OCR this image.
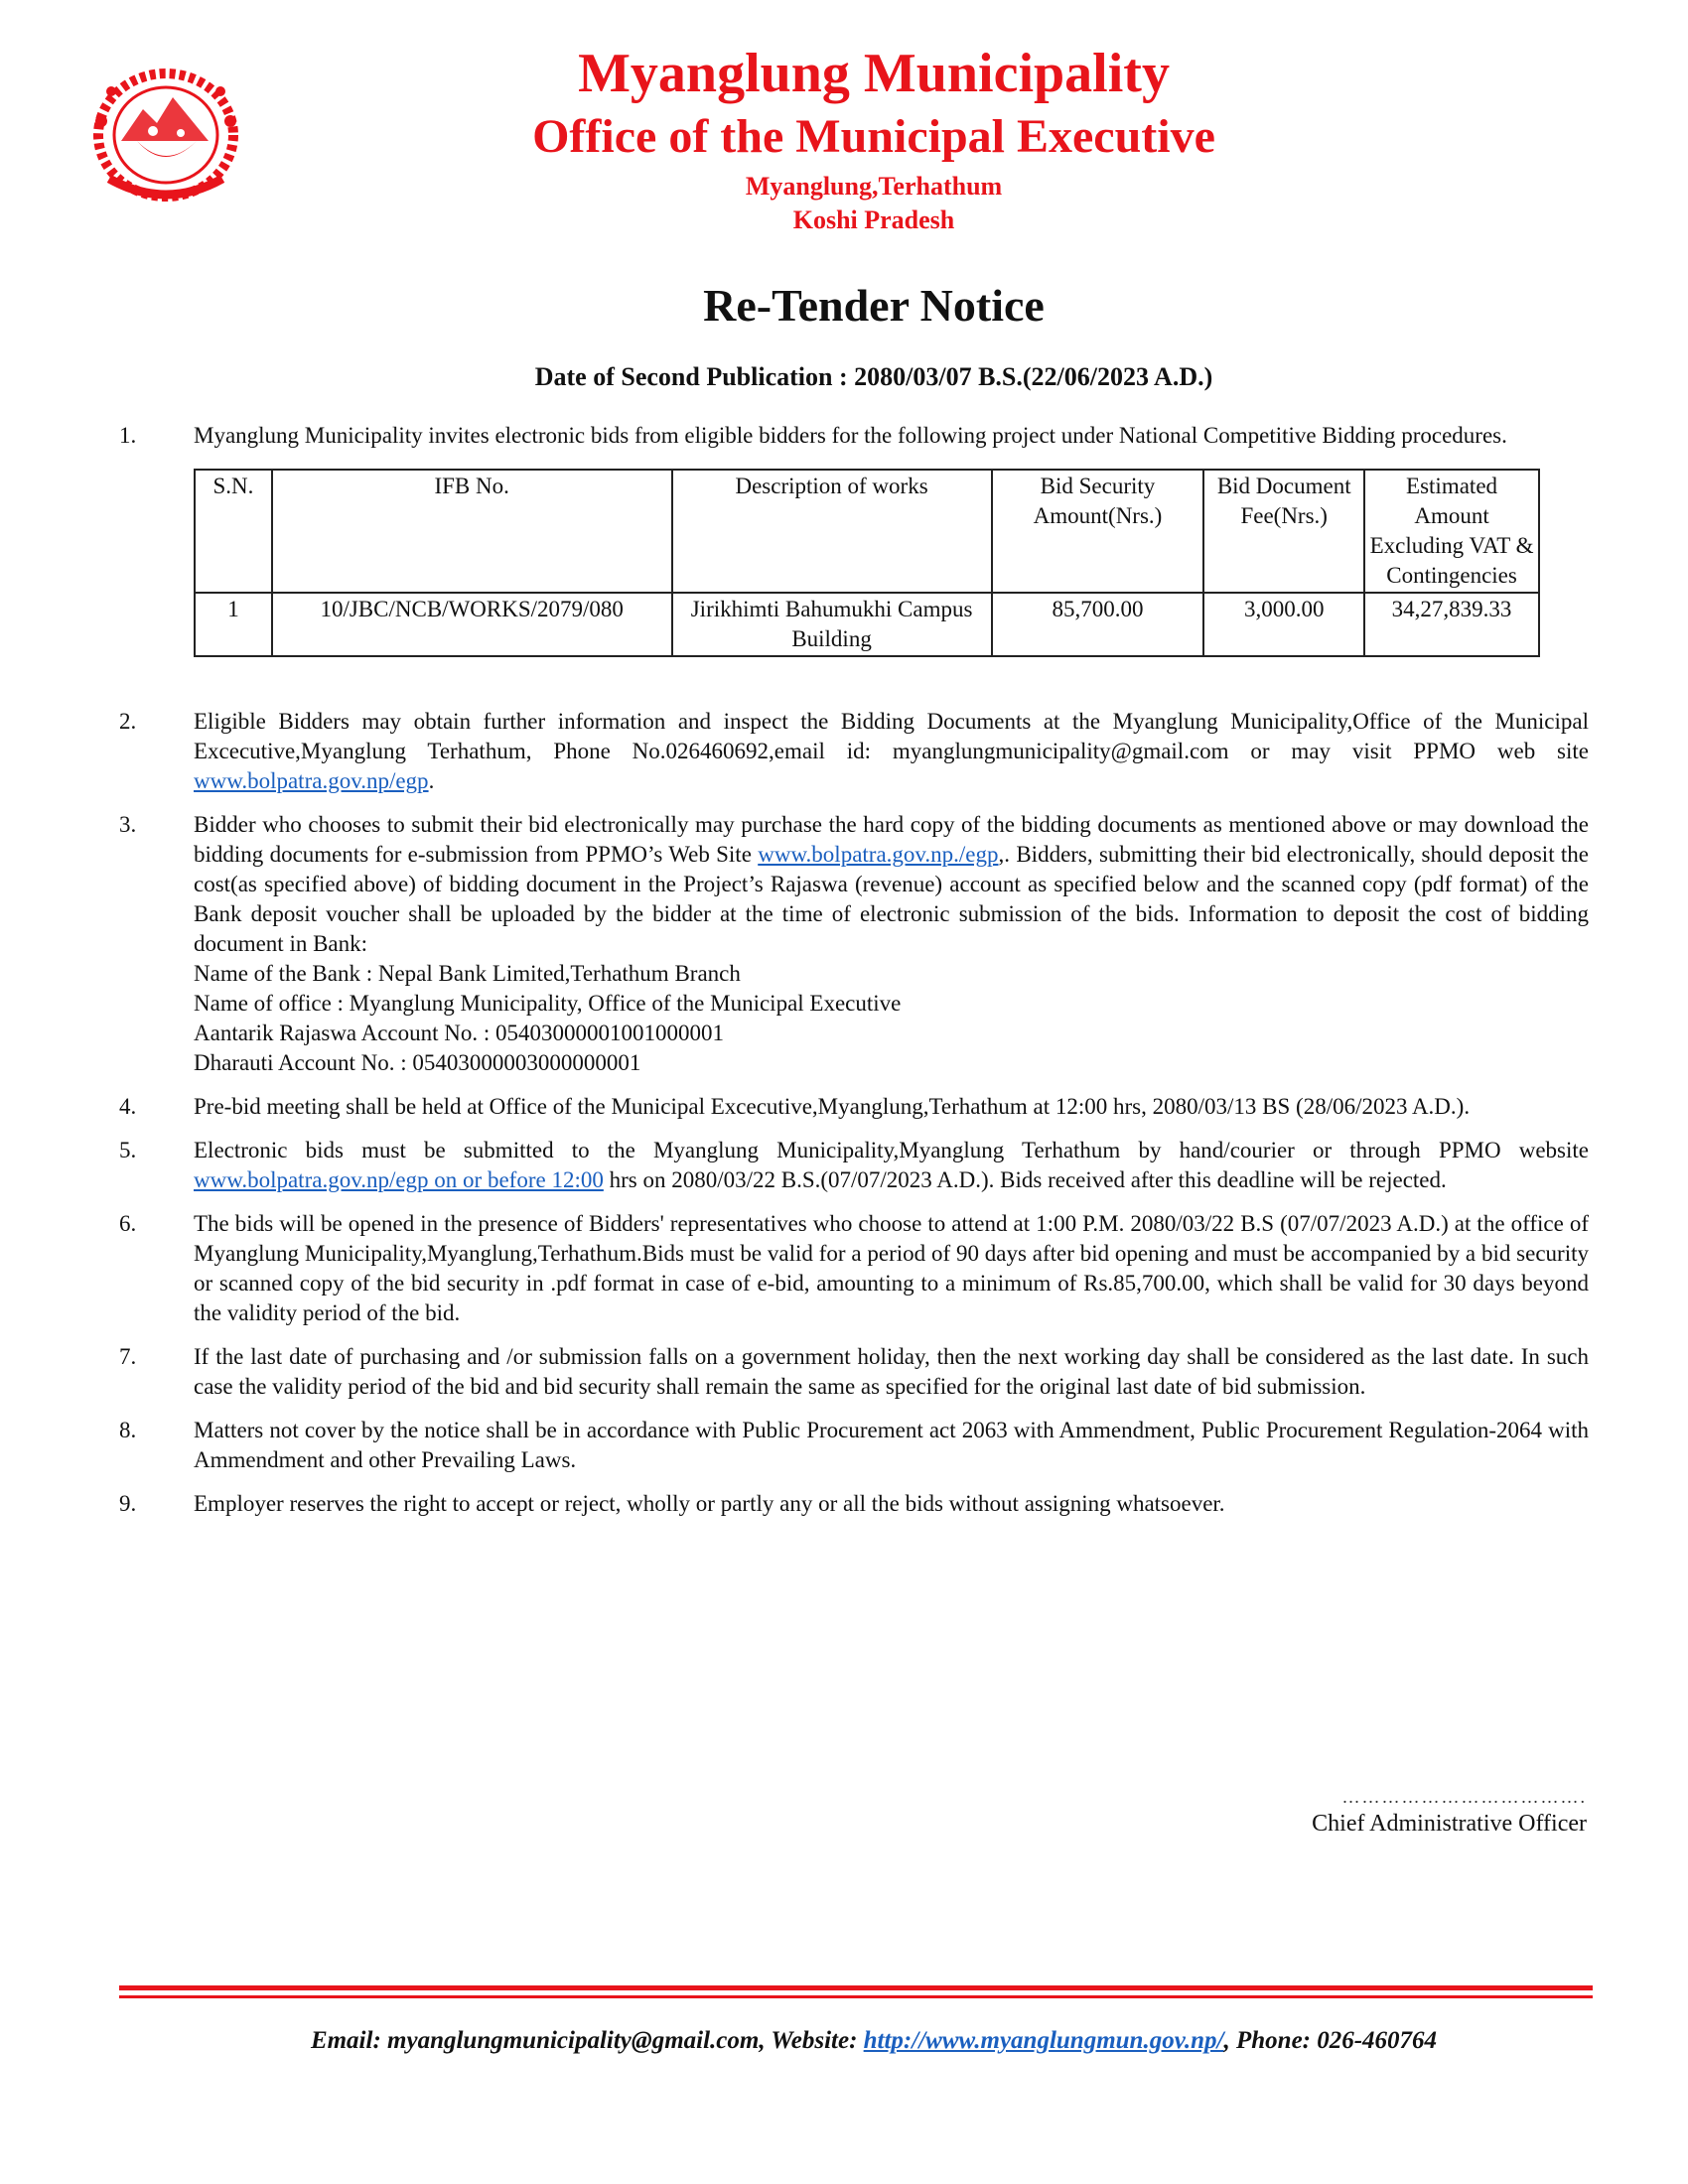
Myanglung Municipality
Office of the Municipal Executive
Myanglung,Terhathum
Koshi Pradesh
Re-Tender Notice
Date of Second Publication : 2080/03/07 B.S.(22/06/2023 A.D.)
1.	Myanglung Municipality invites electronic bids from eligible bidders for the following project under National Competitive Bidding procedures.

S.N.	IFB No.	Description of works	Bid Security Amount(Nrs.)	Bid Document Fee(Nrs.)	Estimated Amount Excluding VAT & Contingencies
1	10/JBC/NCB/WORKS/2079/080	Jirikhimti Bahumukhi Campus Building	85,700.00	3,000.00	34,27,839.33
2.	Eligible Bidders may obtain further information and inspect the Bidding Documents at the Myanglung Municipality,Office of the Municipal Excecutive,Myanglung Terhathum, Phone No.026460692,email id: myanglungmunicipality@gmail.com or may visit PPMO web site www.bolpatra.gov.np/egp.

3.	Bidder who chooses to submit their bid electronically may purchase the hard copy of the bidding documents as mentioned above or may download the bidding documents for e-submission from PPMO’s Web Site www.bolpatra.gov.np./egp,. Bidders, submitting their bid electronically, should deposit the cost(as specified above) of bidding document in the Project’s Rajaswa (revenue) account as specified below and the scanned copy (pdf format) of the Bank deposit voucher shall be uploaded by the bidder at the time of electronic submission of the bids. Information to deposit the cost of bidding document in Bank:

Name of the Bank : Nepal Bank Limited,Terhathum Branch

Name of office : Myanglung Municipality, Office of the Municipal Executive

Aantarik Rajaswa Account No. : 05403000001001000001

Dharauti Account No. : 05403000003000000001

4.	Pre-bid meeting shall be held at Office of the Municipal Excecutive,Myanglung,Terhathum at 12:00 hrs, 2080/03/13 BS (28/06/2023 A.D.).

5.	Electronic bids must be submitted to the Myanglung Municipality,Myanglung Terhathum by hand/courier or through PPMO website www.bolpatra.gov.np/egp on or before 12:00 hrs on 2080/03/22 B.S.(07/07/2023 A.D.). Bids received after this deadline will be rejected.

6.	The bids will be opened in the presence of Bidders' representatives who choose to attend at 1:00 P.M. 2080/03/22 B.S (07/07/2023 A.D.) at the office of Myanglung Municipality,Myanglung,Terhathum.Bids must be valid for a period of 90 days after bid opening and must be accompanied by a bid security or scanned copy of the bid security in .pdf format in case of e-bid, amounting to a minimum of Rs.85,700.00, which shall be valid for 30 days beyond the validity period of the bid.

7.	If the last date of purchasing and /or submission falls on a government holiday, then the next working day shall be considered as the last date. In such case the validity period of the bid and bid security shall remain the same as specified for the original last date of bid submission.

8.	Matters not cover by the notice shall be in accordance with Public Procurement act 2063 with Ammendment, Public Procurement Regulation-2064 with Ammendment and other Prevailing Laws.

9.	Employer reserves the right to accept or reject, wholly or partly any or all the bids without assigning whatsoever.

……………………………….
Chief Administrative Officer
Email: myanglungmunicipality@gmail.com, Website: http://www.myanglungmun.gov.np/, Phone: 026-460764
